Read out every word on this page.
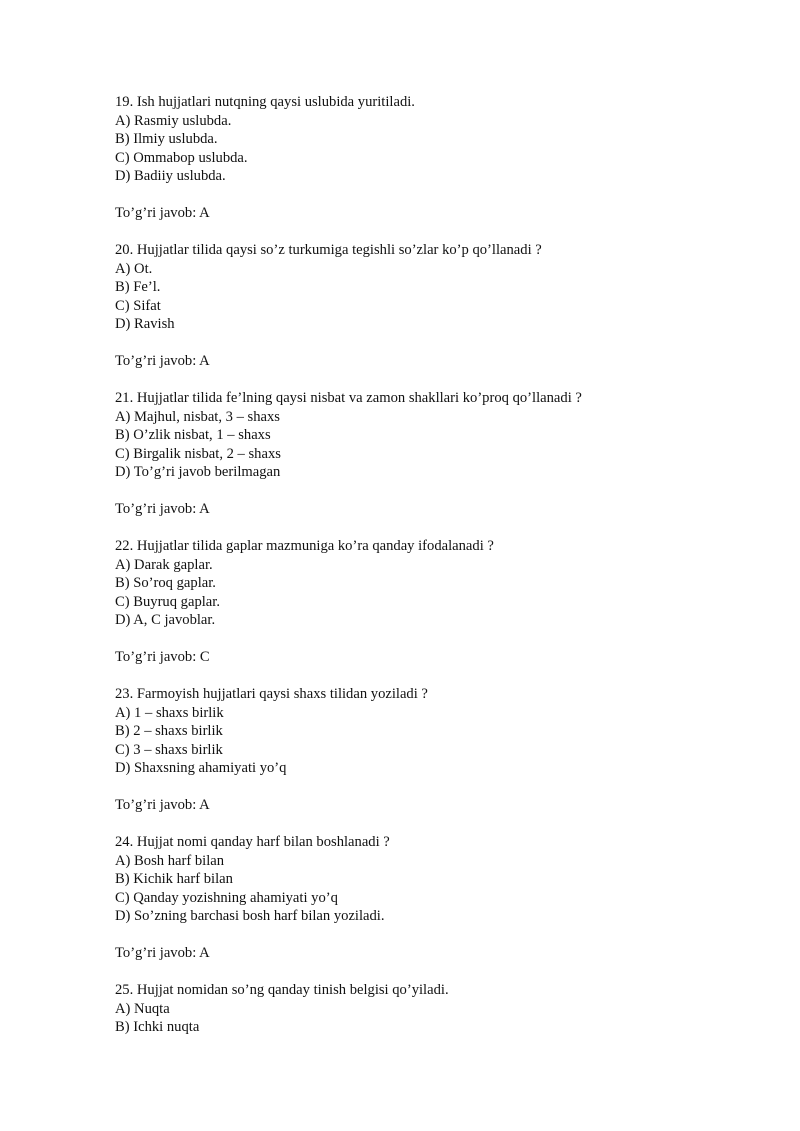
19. Ish hujjatlari nutqning qaysi uslubida yuritiladi.
A) Rasmiy uslubda.
B) Ilmiy uslubda.
C) Ommabop uslubda.
D) Badiiy uslubda.
To’g’ri javob: A
20. Hujjatlar tilida qaysi so’z turkumiga tegishli so’zlar ko’p qo’llanadi ?
A) Ot.
B) Fe’l.
C) Sifat
D) Ravish
To’g’ri javob: A
21. Hujjatlar tilida fe’lning qaysi nisbat va zamon shakllari ko’proq qo’llanadi ?
A) Majhul, nisbat, 3 – shaxs
B) O’zlik nisbat, 1 – shaxs
C) Birgalik nisbat, 2 – shaxs
D) To’g’ri javob berilmagan
To’g’ri javob: A
22. Hujjatlar tilida gaplar mazmuniga ko’ra qanday ifodalanadi ?
A) Darak gaplar.
B) So’roq gaplar.
C) Buyruq gaplar.
D) A, C javoblar.
To’g’ri javob: C
23. Farmoyish hujjatlari qaysi shaxs tilidan yoziladi ?
A) 1 – shaxs birlik
B) 2 – shaxs birlik
C) 3 – shaxs birlik
D) Shaxsning ahamiyati yo’q
To’g’ri javob: A
24. Hujjat nomi qanday harf bilan boshlanadi ?
A) Bosh harf bilan
B) Kichik harf bilan
C) Qanday yozishning ahamiyati yo’q
D) So’zning barchasi bosh harf bilan yoziladi.
To’g’ri javob: A
25. Hujjat nomidan so’ng qanday tinish belgisi qo’yiladi.
A) Nuqta
B) Ichki nuqta
